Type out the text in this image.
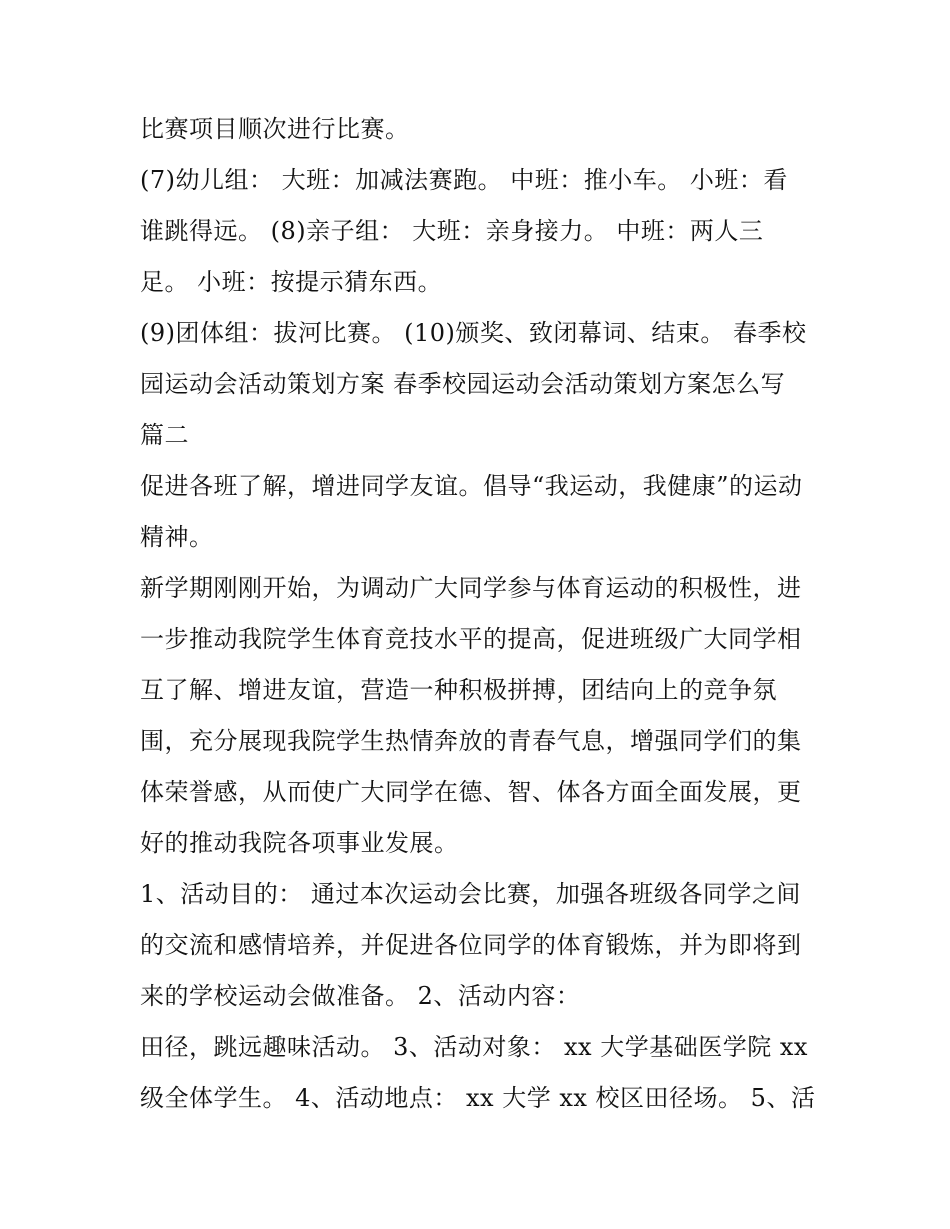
比赛项目顺次进行比赛。
(7)幼儿组： 大班：加减法赛跑。 中班：推小车。 小班：看
谁跳得远。 (8)亲子组： 大班：亲身接力。 中班：两人三
足。 小班：按提示猜东西。
(9)团体组：拔河比赛。 (10)颁奖、致闭幕词、结束。 春季校
园运动会活动策划方案 春季校园运动会活动策划方案怎么写
篇二
促进各班了解，增进同学友谊。倡导“我运动，我健康”的运动
精神。
新学期刚刚开始，为调动广大同学参与体育运动的积极性，进
一步推动我院学生体育竞技水平的提高，促进班级广大同学相
互了解、增进友谊，营造一种积极拼搏，团结向上的竞争氛
围，充分展现我院学生热情奔放的青春气息，增强同学们的集
体荣誉感，从而使广大同学在德、智、体各方面全面发展，更
好的推动我院各项事业发展。
1、活动目的： 通过本次运动会比赛，加强各班级各同学之间
的交流和感情培养，并促进各位同学的体育锻炼，并为即将到
来的学校运动会做准备。 2、活动内容：
田径，跳远趣味活动。 3、活动对象： xx 大学基础医学院 xx
级全体学生。 4、活动地点： xx 大学 xx 校区田径场。 5、活
